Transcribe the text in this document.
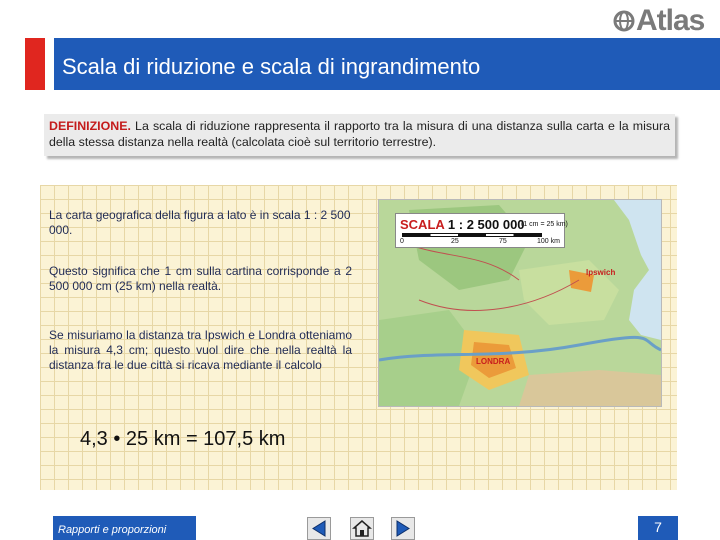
Atlas
Scala di riduzione e scala di ingrandimento
DEFINIZIONE. La scala di riduzione rappresenta il rapporto tra la misura di una distanza sulla carta e la misura della stessa distanza nella realtà (calcolata cioè sul territorio terrestre).
La carta geografica della figura a lato è in scala 1 : 2 500 000.
Questo significa che 1 cm sulla cartina corrisponde a 2 500 000 cm (25 km) nella realtà.
Se misuriamo la distanza tra Ipswich e Londra otteniamo la misura 4,3 cm; questo vuol dire che nella realtà la distanza fra le due città si ricava mediante il calcolo
4,3 • 25 km = 107,5 km
SCALA 1 : 2 500 000
(1 cm = 25 km)
0	25	75	100 km
Ipswich
LONDRA
Rapporti e proporzioni	7
